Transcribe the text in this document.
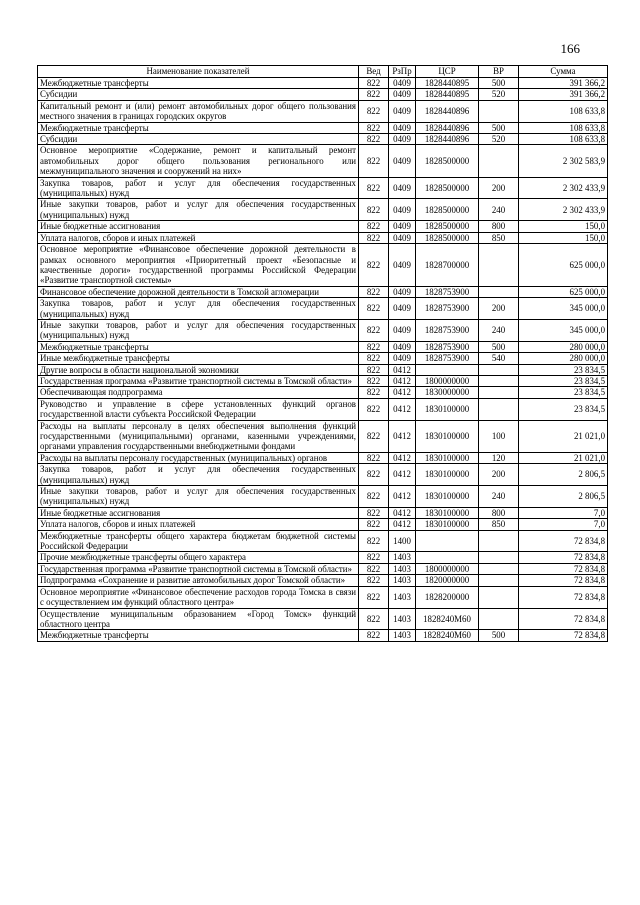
166
Наименование показателей	Вед	РзПр	ЦСР	ВР	Сумма
Межбюджетные трансферты	822	0409	1828440895	500	391 366,2
Субсидии	822	0409	1828440895	520	391 366,2
Капитальный ремонт и (или) ремонт автомобильных дорог общего пользования местного значения в границах городских округов	822	0409	1828440896		108 633,8
Межбюджетные трансферты	822	0409	1828440896	500	108 633,8
Субсидии	822	0409	1828440896	520	108 633,8
Основное мероприятие «Содержание, ремонт и капитальный ремонт автомобильных дорог общего пользования регионального или межмуниципального значения и сооружений на них»	822	0409	1828500000		2 302 583,9
Закупка товаров, работ и услуг для обеспечения государственных (муниципальных) нужд	822	0409	1828500000	200	2 302 433,9
Иные закупки товаров, работ и услуг для обеспечения государственных (муниципальных) нужд	822	0409	1828500000	240	2 302 433,9
Иные бюджетные ассигнования	822	0409	1828500000	800	150,0
Уплата налогов, сборов и иных платежей	822	0409	1828500000	850	150,0
Основное мероприятие «Финансовое обеспечение дорожной деятельности в рамках основного мероприятия «Приоритетный проект «Безопасные и качественные дороги» государственной программы Российской Федерации «Развитие транспортной системы»	822	0409	1828700000		625 000,0
Финансовое обеспечение дорожной деятельности в Томской агломерации	822	0409	1828753900		625 000,0
Закупка товаров, работ и услуг для обеспечения государственных (муниципальных) нужд	822	0409	1828753900	200	345 000,0
Иные закупки товаров, работ и услуг для обеспечения государственных (муниципальных) нужд	822	0409	1828753900	240	345 000,0
Межбюджетные трансферты	822	0409	1828753900	500	280 000,0
Иные межбюджетные трансферты	822	0409	1828753900	540	280 000,0
Другие вопросы в области национальной экономики	822	0412			23 834,5
Государственная программа «Развитие транспортной системы в Томской области»	822	0412	1800000000		23 834,5
Обеспечивающая подпрограмма	822	0412	1830000000		23 834,5
Руководство и управление в сфере установленных функций органов государственной власти субъекта Российской Федерации	822	0412	1830100000		23 834,5
Расходы на выплаты персоналу в целях обеспечения выполнения функций государственными (муниципальными) органами, казенными учреждениями, органами управления государственными внебюджетными фондами	822	0412	1830100000	100	21 021,0
Расходы на выплаты персоналу государственных (муниципальных) органов	822	0412	1830100000	120	21 021,0
Закупка товаров, работ и услуг для обеспечения государственных (муниципальных) нужд	822	0412	1830100000	200	2 806,5
Иные закупки товаров, работ и услуг для обеспечения государственных (муниципальных) нужд	822	0412	1830100000	240	2 806,5
Иные бюджетные ассигнования	822	0412	1830100000	800	7,0
Уплата налогов, сборов и иных платежей	822	0412	1830100000	850	7,0
Межбюджетные трансферты общего характера бюджетам бюджетной системы Российской Федерации	822	1400			72 834,8
Прочие межбюджетные трансферты общего характера	822	1403			72 834,8
Государственная программа «Развитие транспортной системы в Томской области»	822	1403	1800000000		72 834,8
Подпрограмма «Сохранение и развитие автомобильных дорог Томской области»	822	1403	1820000000		72 834,8
Основное мероприятие «Финансовое обеспечение расходов города Томска в связи с осуществлением им функций областного центра»	822	1403	1828200000		72 834,8
Осуществление муниципальным образованием «Город Томск» функций областного центра	822	1403	1828240М60		72 834,8
Межбюджетные трансферты	822	1403	1828240М60	500	72 834,8
